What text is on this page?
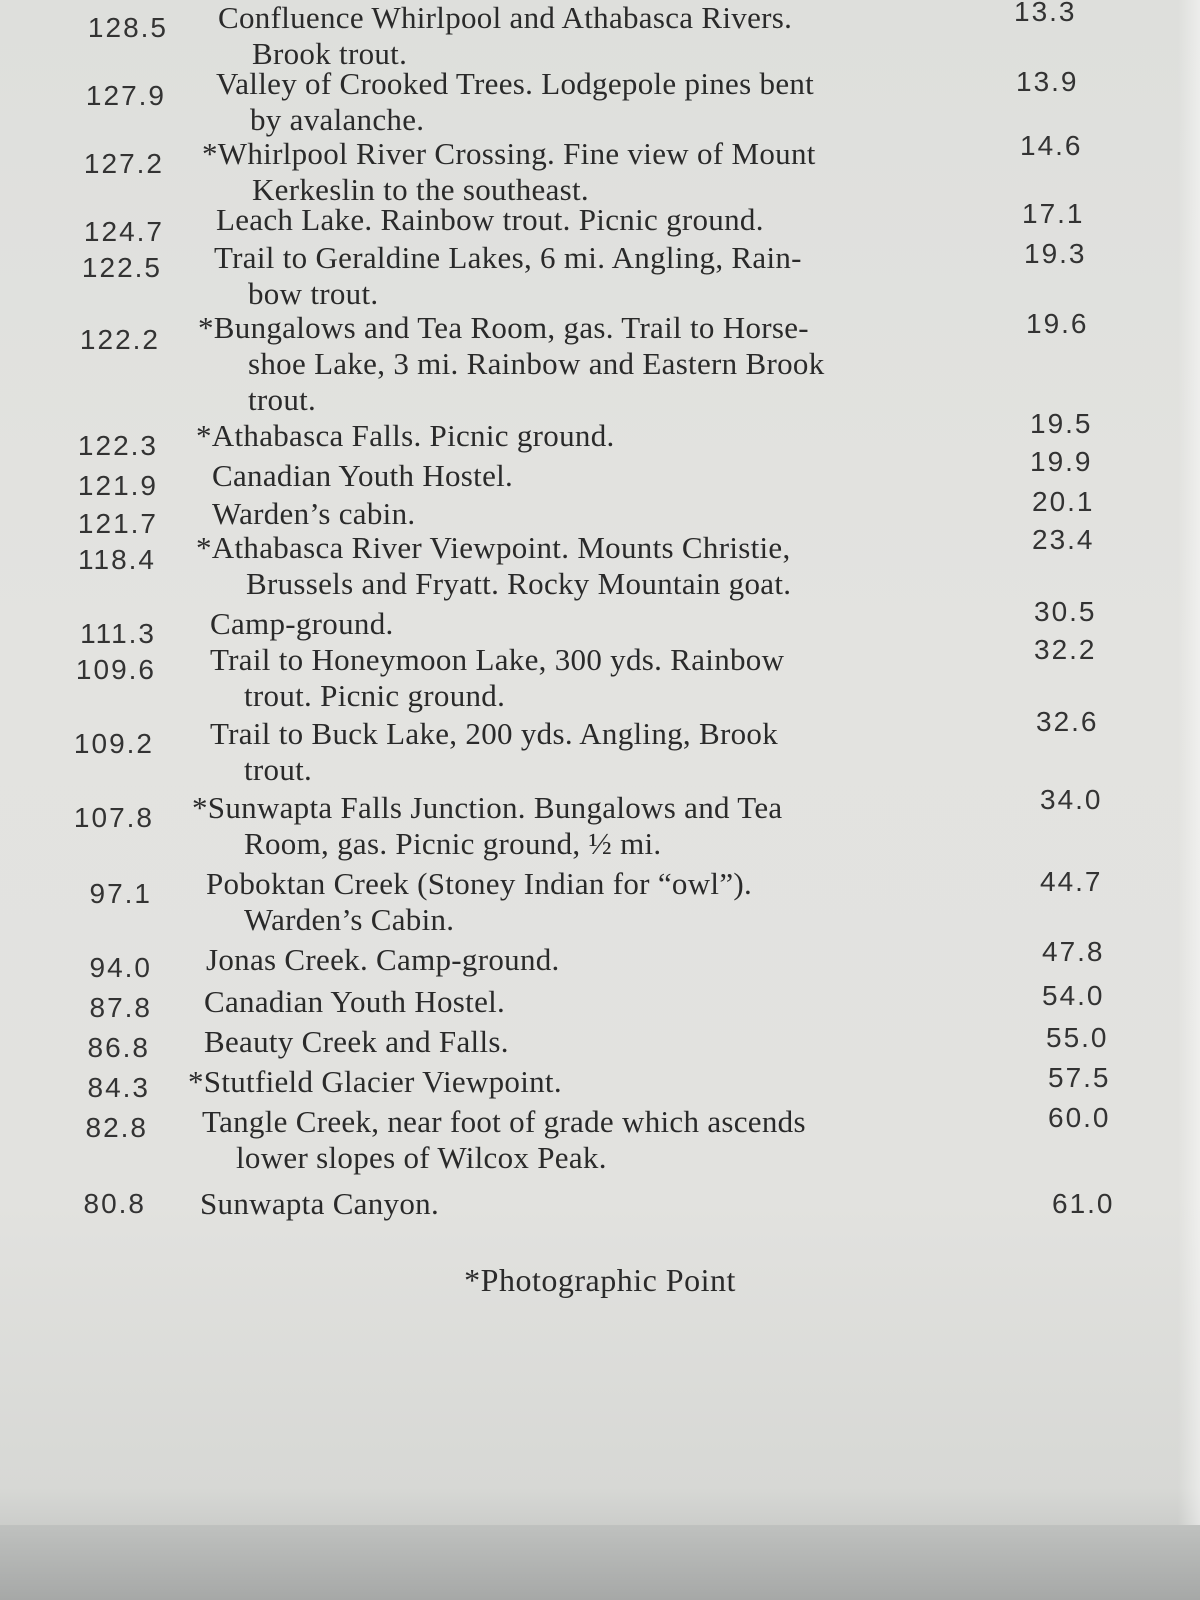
128.5 Confluence Whirlpool and Athabasca Rivers.
Brook trout.
13.3
127.9 Valley of Crooked Trees. Lodgepole pines bent
by avalanche.
13.9
127.2 *Whirlpool River Crossing. Fine view of Mount
Kerkeslin to the southeast.
14.6
124.7 Leach Lake. Rainbow trout. Picnic ground.	17.1
122.5 Trail to Geraldine Lakes, 6 mi. Angling, Rain-
bow trout.
19.3
122.2 *Bungalows and Tea Room, gas. Trail to Horse-
shoe Lake, 3 mi. Rainbow and Eastern Brook
trout.
19.6
122.3 *Athabasca Falls. Picnic ground.	19.5
121.9 Canadian Youth Hostel.	19.9
121.7 Warden’s cabin.	20.1
118.4 *Athabasca River Viewpoint. Mounts Christie,
Brussels and Fryatt. Rocky Mountain goat.
23.4
111.3 Camp-ground.	30.5
109.6 Trail to Honeymoon Lake, 300 yds. Rainbow
trout. Picnic ground.
32.2
109.2 Trail to Buck Lake, 200 yds. Angling, Brook
trout.
32.6
107.8 *Sunwapta Falls Junction. Bungalows and Tea
Room, gas. Picnic ground, ½ mi.
34.0
97.1 Poboktan Creek (Stoney Indian for “owl”).
Warden’s Cabin.
44.7
94.0 Jonas Creek. Camp-ground.	47.8
87.8 Canadian Youth Hostel.	54.0
86.8 Beauty Creek and Falls.	55.0
84.3 *Stutfield Glacier Viewpoint.	57.5
82.8 Tangle Creek, near foot of grade which ascends
lower slopes of Wilcox Peak.
60.0
80.8 Sunwapta Canyon.	61.0
*Photographic Point
